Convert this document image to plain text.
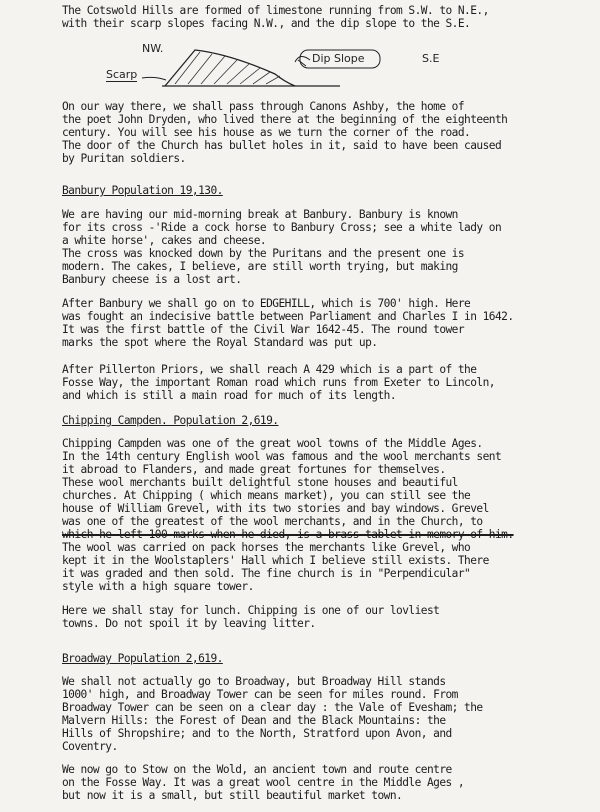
The Cotswold Hills are formed of limestone running from S.W. to N.E.,
with their scarp slopes facing N.W., and the dip slope to the S.E.
NW.
S.E
Scarp
Dip Slope
On our way there, we shall pass through Canons Ashby, the home of
the poet John Dryden, who lived there at the beginning of the eighteenth
century. You will see his house as we turn the corner of the road.
The door of the Church has bullet holes in it, said to have been caused
by Puritan soldiers.
Banbury Population 19,130.
We are having our mid-morning break at Banbury. Banbury is known
for its cross -'Ride a cock horse to Banbury Cross; see a white lady on
a white horse', cakes and cheese.
The cross was knocked down by the Puritans and the present one is
modern. The cakes, I believe, are still worth trying, but making
Banbury cheese is a lost art.
After Banbury we shall go on to EDGEHILL, which is 700' high. Here
was fought an indecisive battle between Parliament and Charles I in 1642.
It was the first battle of the Civil War 1642-45. The round tower
marks the spot where the Royal Standard was put up.
After Pillerton Priors, we shall reach A 429 which is a part of the
Fosse Way, the important Roman road which runs from Exeter to Lincoln,
and which is still a main road for much of its length.
Chipping Campden. Population 2,619.
Chipping Campden was one of the great wool towns of the Middle Ages.
In the 14th century English wool was famous and the wool merchants sent
it abroad to Flanders, and made great fortunes for themselves.
These wool merchants built delightful stone houses and beautiful
churches. At Chipping ( which means market), you can still see the
house of William Grevel, with its two stories and bay windows. Grevel
was one of the greatest of the wool merchants, and in the Church, to
which he left 100 marks when he died, is a brass tablet in memory of him.
The wool was carried on pack horses the merchants like Grevel, who
kept it in the Woolstaplers' Hall which I believe still exists. There
it was graded and then sold. The fine church is in "Perpendicular"
style with a high square tower.
Here we shall stay for lunch. Chipping is one of our lovliest
towns. Do not spoil it by leaving litter.
Broadway Population 2,619.
We shall not actually go to Broadway, but Broadway Hill stands
1000' high, and Broadway Tower can be seen for miles round. From
Broadway Tower can be seen on a clear day : the Vale of Evesham; the
Malvern Hills: the Forest of Dean and the Black Mountains: the
Hills of Shropshire; and to the North, Stratford upon Avon, and
Coventry.
We now go to Stow on the Wold, an ancient town and route centre
on the Fosse Way. It was a great wool centre in the Middle Ages ,
but now it is a small, but still beautiful market town.
